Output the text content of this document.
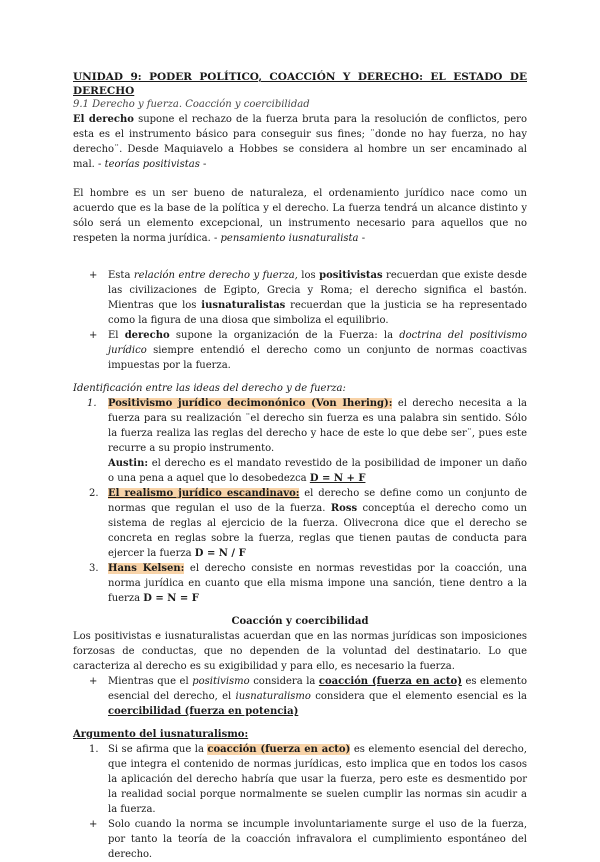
UNIDAD 9: PODER POLÍTICO, COACCIÓN Y DERECHO: EL ESTADO DE DERECHO

9.1 Derecho y fuerza. Coacción y coercibilidad

El derecho supone el rechazo de la fuerza bruta para la resolución de conflictos, pero esta es el instrumento básico para conseguir sus fines; ¨donde no hay fuerza, no hay derecho¨. Desde Maquiavelo a Hobbes se considera al hombre un ser encaminado al mal. - teorías positivistas -

El hombre es un ser bueno de naturaleza, el ordenamiento jurídico nace como un acuerdo que es la base de la política y el derecho. La fuerza tendrá un alcance distinto y sólo será un elemento excepcional, un instrumento necesario para aquellos que no respeten la norma jurídica. - pensamiento iusnaturalista -

+ Esta relación entre derecho y fuerza, los positivistas recuerdan que existe desde las civilizaciones de Egipto, Grecia y Roma; el derecho significa el bastón. Mientras que los iusnaturalistas recuerdan que la justicia se ha representado como la figura de una diosa que simboliza el equilibrio.

+ El derecho supone la organización de la Fuerza: la doctrina del positivismo jurídico siempre entendió el derecho como un conjunto de normas coactivas impuestas por la fuerza.

Identificación entre las ideas del derecho y de fuerza:

1. Positivismo jurídico decimonónico (Von Ihering): el derecho necesita a la fuerza para su realización ¨el derecho sin fuerza es una palabra sin sentido. Sólo la fuerza realiza las reglas del derecho y hace de este lo que debe ser¨, pues este recurre a su propio instrumento.

Austin: el derecho es el mandato revestido de la posibilidad de imponer un daño o una pena a aquel que lo desobedezca D = N + F

2. El realismo jurídico escandinavo: el derecho se define como un conjunto de normas que regulan el uso de la fuerza. Ross conceptúa el derecho como un sistema de reglas al ejercicio de la fuerza. Olivecrona dice que el derecho se concreta en reglas sobre la fuerza, reglas que tienen pautas de conducta para ejercer la fuerza D = N / F

3. Hans Kelsen: el derecho consiste en normas revestidas por la coacción, una norma jurídica en cuanto que ella misma impone una sanción, tiene dentro a la fuerza D = N = F

Coacción y coercibilidad

Los positivistas e iusnaturalistas acuerdan que en las normas jurídicas son imposiciones forzosas de conductas, que no dependen de la voluntad del destinatario. Lo que caracteriza al derecho es su exigibilidad y para ello, es necesario la fuerza.

+ Mientras que el positivismo considera la coacción (fuerza en acto) es elemento esencial del derecho, el iusnaturalismo considera que el elemento esencial es la coercibilidad (fuerza en potencia)

Argumento del iusnaturalismo:

1. Si se afirma que la coacción (fuerza en acto) es elemento esencial del derecho, que integra el contenido de normas jurídicas, esto implica que en todos los casos la aplicación del derecho habría que usar la fuerza, pero este es desmentido por la realidad social porque normalmente se suelen cumplir las normas sin acudir a la fuerza.

+ Solo cuando la norma se incumple involuntariamente surge el uso de la fuerza, por tanto la teoría de la coacción infravalora el cumplimiento espontáneo del derecho.
